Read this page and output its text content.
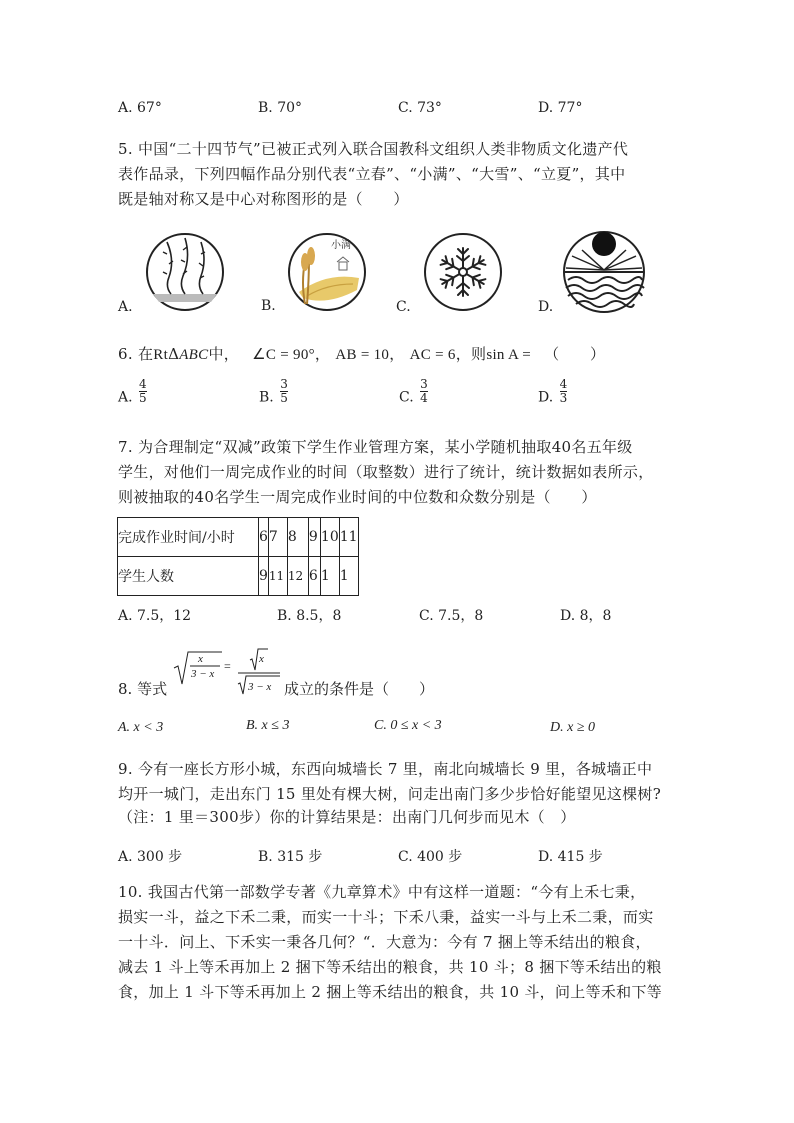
A. 67°	B. 70°	C. 73°	D. 77°
5. 中国“二十四节气”已被正式列入联合国教科文组织人类非物质文化遗产代
表作品录，下列四幅作品分别代表“立春”、“小满”、“大雪”、“立夏”，其中
既是轴对称又是中心对称图形的是（　　）
小满
A.	B.	C.	D.
6. 在RtΔABC中， ∠C = 90°， AB = 10， AC = 6，则sin A = （　　）
A. $\frac{4}{5}$	B. $\frac{3}{5}$	C. $\frac{3}{4}$	D. $\frac{4}{3}$
7. 为合理制定“双减”政策下学生作业管理方案，某小学随机抽取40名五年级
学生，对他们一周完成作业的时间（取整数）进行了统计，统计数据如表所示，
则被抽取的40名学生一周完成作业时间的中位数和众数分别是（　　）
完成作业时间/小时	6	7	8	9	10	11
学生人数	9	11	12	6	1	1
A. 7.5，12	B. 8.5，8	C. 7.5，8	D. 8，8
8. 等式
x
3 − x
=	x
3 − x 成立的条件是（　　）
A. x < 3	B. x ≤ 3	C. 0 ≤ x < 3	D. x ≥ 0
9. 今有一座长方形小城，东西向城墙长 7 里，南北向城墙长 9 里，各城墙正中
均开一城门，走出东门 15 里处有棵大树，问走出南门多少步恰好能望见这棵树?
（注：1 里＝300步）你的计算结果是：出南门几何步而见木（　）
A. 300 步	B. 315 步	C. 400 步	D. 415 步
10. 我国古代第一部数学专著《九章算术》中有这样一道题：“今有上禾七秉，
损实一斗，益之下禾二秉，而实一十斗；下禾八秉，益实一斗与上禾二秉，而实
一十斗．问上、下禾实一秉各几何？“．大意为：今有 7 捆上等禾结出的粮食，
减去 1 斗上等禾再加上 2 捆下等禾结出的粮食，共 10 斗；8 捆下等禾结出的粮
食，加上 1 斗下等禾再加上 2 捆上等禾结出的粮食，共 10 斗，问上等禾和下等
